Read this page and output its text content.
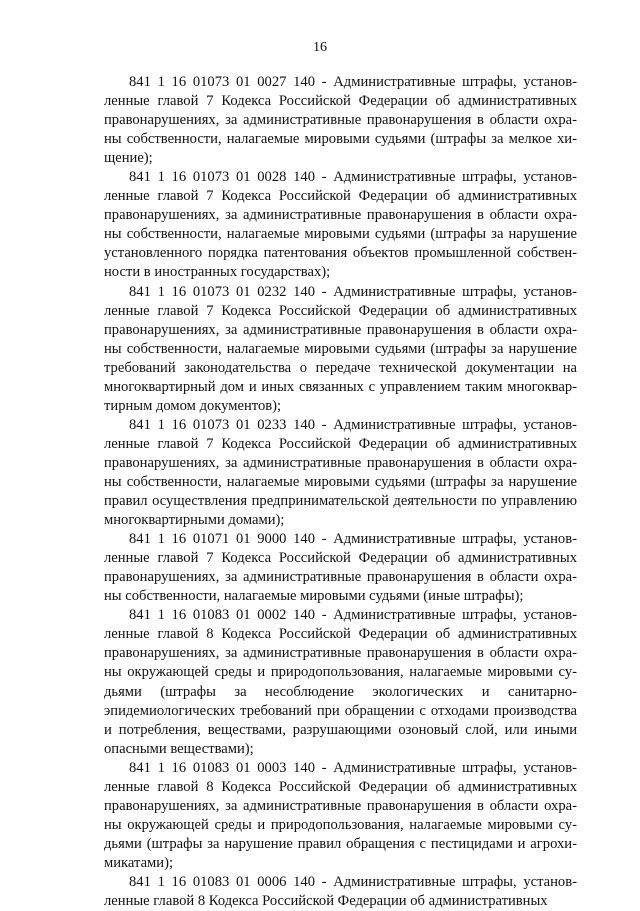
16

841 1 16 01073 01 0027 140 - Административные штрафы, установленные главой 7 Кодекса Российской Федерации об административных правонарушениях, за административные правонарушения в области охраны собственности, налагаемые мировыми судьями (штрафы за мелкое хищение);

841 1 16 01073 01 0028 140 - Административные штрафы, установленные главой 7 Кодекса Российской Федерации об административных правонарушениях, за административные правонарушения в области охраны собственности, налагаемые мировыми судьями (штрафы за нарушение установленного порядка патентования объектов промышленной собственности в иностранных государствах);

841 1 16 01073 01 0232 140 - Административные штрафы, установленные главой 7 Кодекса Российской Федерации об административных правонарушениях, за административные правонарушения в области охраны собственности, налагаемые мировыми судьями (штрафы за нарушение требований законодательства о передаче технической документации на многоквартирный дом и иных связанных с управлением таким многоквартирным домом документов);

841 1 16 01073 01 0233 140 - Административные штрафы, установленные главой 7 Кодекса Российской Федерации об административных правонарушениях, за административные правонарушения в области охраны собственности, налагаемые мировыми судьями (штрафы за нарушение правил осуществления предпринимательской деятельности по управлению многоквартирными домами);

841 1 16 01071 01 9000 140 - Административные штрафы, установленные главой 7 Кодекса Российской Федерации об административных правонарушениях, за административные правонарушения в области охраны собственности, налагаемые мировыми судьями (иные штрафы);

841 1 16 01083 01 0002 140 - Административные штрафы, установленные главой 8 Кодекса Российской Федерации об административных правонарушениях, за административные правонарушения в области охраны окружающей среды и природопользования, налагаемые мировыми судьями (штрафы за несоблюдение экологических и санитарно-эпидемиологических требований при обращении с отходами производства и потребления, веществами, разрушающими озоновый слой, или иными опасными веществами);

841 1 16 01083 01 0003 140 - Административные штрафы, установленные главой 8 Кодекса Российской Федерации об административных правонарушениях, за административные правонарушения в области охраны окружающей среды и природопользования, налагаемые мировыми судьями (штрафы за нарушение правил обращения с пестицидами и агрохимикатами);

841 1 16 01083 01 0006 140 - Административные штрафы, установленные главой 8 Кодекса Российской Федерации об административных
